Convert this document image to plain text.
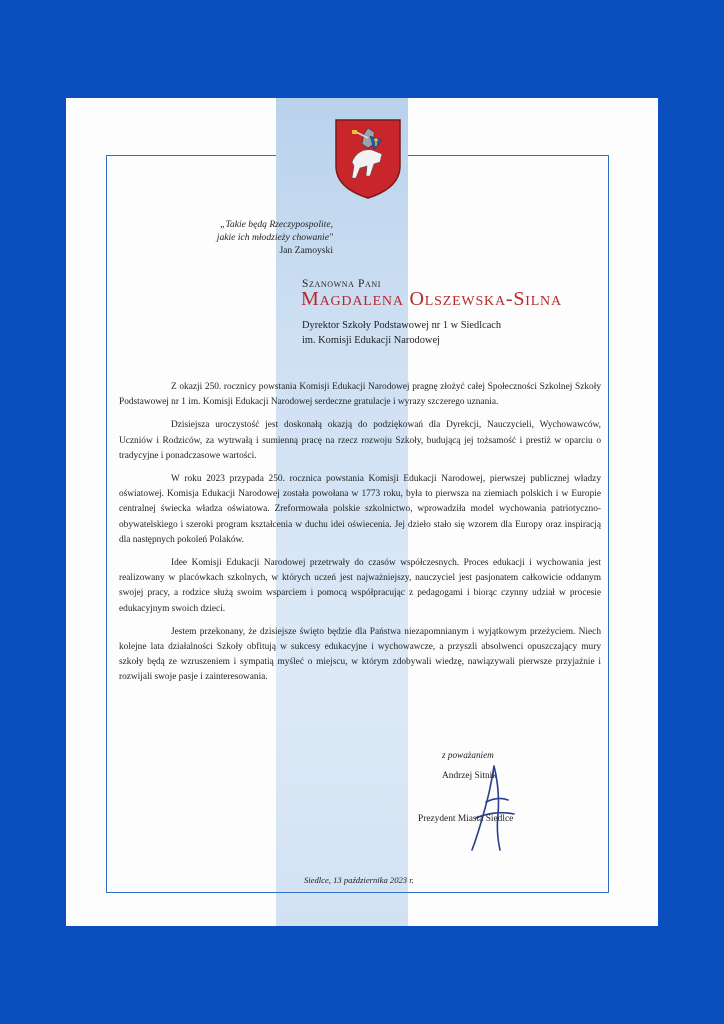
„Takie będą Rzeczypospolite,
jakie ich młodzieży chowanie"
Jan Zamoyski
Szanowna Pani
Magdalena Olszewska-Silna
Dyrektor Szkoły Podstawowej nr 1 w Siedlcach
im. Komisji Edukacji Narodowej

Z okazji 250. rocznicy powstania Komisji Edukacji Narodowej pragnę złożyć całej Społeczności Szkolnej Szkoły Podstawowej nr 1 im. Komisji Edukacji Narodowej serdeczne gratulacje i wyrazy szczerego uznania.

Dzisiejsza uroczystość jest doskonałą okazją do podziękowań dla Dyrekcji, Nauczycieli, Wychowawców, Uczniów i Rodziców, za wytrwałą i sumienną pracę na rzecz rozwoju Szkoły, budującą jej tożsamość i prestiż w oparciu o tradycyjne i ponadczasowe wartości.

W roku 2023 przypada 250. rocznica powstania Komisji Edukacji Narodowej, pierwszej publicznej władzy oświatowej. Komisja Edukacji Narodowej została powołana w 1773 roku, była to pierwsza na ziemiach polskich i w Europie centralnej świecka władza oświatowa. Zreformowała polskie szkolnictwo, wprowadziła model wychowania patriotyczno-obywatelskiego i szeroki program kształcenia w duchu idei oświecenia. Jej dzieło stało się wzorem dla Europy oraz inspiracją dla następnych pokoleń Polaków.

Idee Komisji Edukacji Narodowej przetrwały do czasów współczesnych. Proces edukacji i wychowania jest realizowany w placówkach szkolnych, w których uczeń jest najważniejszy, nauczyciel jest pasjonatem całkowicie oddanym swojej pracy, a rodzice służą swoim wsparciem i pomocą współpracując z pedagogami i biorąc czynny udział w procesie edukacyjnym swoich dzieci.

Jestem przekonany, że dzisiejsze święto będzie dla Państwa niezapomnianym i wyjątkowym przeżyciem. Niech kolejne lata działalności Szkoły obfitują w sukcesy edukacyjne i wychowawcze, a przyszli absolwenci opuszczający mury szkoły będą ze wzruszeniem i sympatią myśleć o miejscu, w którym zdobywali wiedzę, nawiązywali pierwsze przyjaźnie i rozwijali swoje pasje i zainteresowania.

z poważaniem
Andrzej Sitnik
Prezydent Miasta Siedlce
Siedlce, 13 października 2023 r.
